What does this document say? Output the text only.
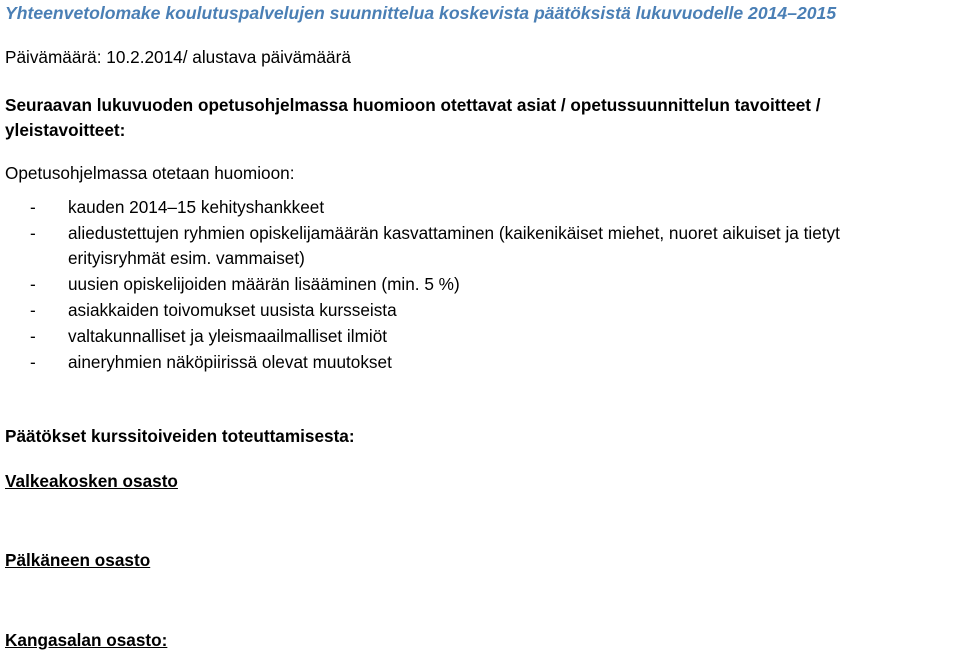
Yhteenvetolomake koulutuspalvelujen suunnittelua koskevista päätöksistä lukuvuodelle 2014–2015
Päivämäärä: 10.2.2014/ alustava päivämäärä
Seuraavan lukuvuoden opetusohjelmassa huomioon otettavat asiat / opetussuunnittelun tavoitteet /
yleistavoitteet:
Opetusohjelmassa otetaan huomioon:
- kauden 2014–15 kehityshankkeet
- aliedustettujen ryhmien opiskelijamäärän kasvattaminen (kaikenikäiset miehet, nuoret aikuiset ja tietyt
erityisryhmät esim. vammaiset)
- uusien opiskelijoiden määrän lisääminen (min. 5 %)
- asiakkaiden toivomukset uusista kursseista
- valtakunnalliset ja yleismaailmalliset ilmiöt
- aineryhmien näköpiirissä olevat muutokset
Päätökset kurssitoiveiden toteuttamisesta:
Valkeakosken osasto
Pälkäneen osasto
Kangasalan osasto:
